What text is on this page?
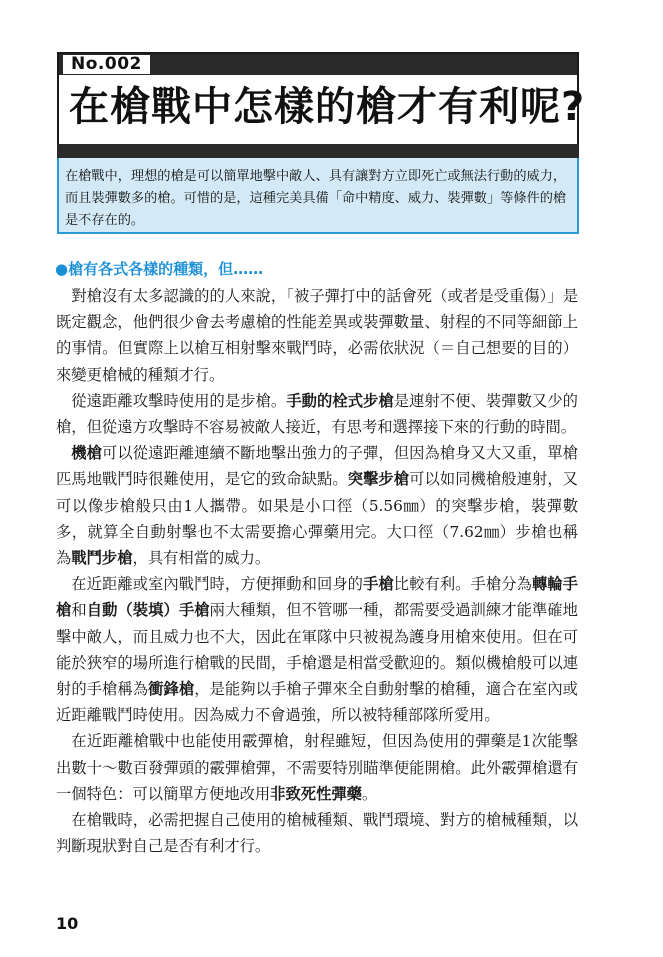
No.002
在槍戰中怎樣的槍才有利呢?
在槍戰中，理想的槍是可以簡單地擊中敵人、具有讓對方立即死亡或無法行動的威力，而且裝彈數多的槍。可惜的是，這種完美具備「命中精度、威力、裝彈數」等條件的槍是不存在的。
●槍有各式各樣的種類，但……

對槍沒有太多認識的的人來說，「被子彈打中的話會死（或者是受重傷）」是既定觀念，他們很少會去考慮槍的性能差異或裝彈數量、射程的不同等細節上的事情。但實際上以槍互相射擊來戰鬥時，必需依狀況（＝自己想要的目的）來變更槍械的種類才行。

從遠距離攻擊時使用的是步槍。手動的栓式步槍是連射不便、裝彈數又少的槍，但從遠方攻擊時不容易被敵人接近，有思考和選擇接下來的行動的時間。

機槍可以從遠距離連續不斷地擊出強力的子彈，但因為槍身又大又重，單槍匹馬地戰鬥時很難使用，是它的致命缺點。突擊步槍可以如同機槍般連射，又可以像步槍般只由1人攜帶。如果是小口徑（5.56㎜）的突擊步槍，裝彈數多，就算全自動射擊也不太需要擔心彈藥用完。大口徑（7.62㎜）步槍也稱為戰鬥步槍，具有相當的威力。

在近距離或室內戰鬥時，方便揮動和回身的手槍比較有利。手槍分為轉輪手槍和自動（裝填）手槍兩大種類，但不管哪一種，都需要受過訓練才能準確地擊中敵人，而且威力也不大，因此在軍隊中只被視為護身用槍來使用。但在可能於狹窄的場所進行槍戰的民間，手槍還是相當受歡迎的。類似機槍般可以連射的手槍稱為衝鋒槍，是能夠以手槍子彈來全自動射擊的槍種，適合在室內或近距離戰鬥時使用。因為威力不會過強，所以被特種部隊所愛用。

在近距離槍戰中也能使用霰彈槍，射程雖短，但因為使用的彈藥是1次能擊出數十～數百發彈頭的霰彈槍彈，不需要特別瞄準便能開槍。此外霰彈槍還有一個特色：可以簡單方便地改用非致死性彈藥。

在槍戰時，必需把握自己使用的槍械種類、戰鬥環境、對方的槍械種類，以判斷現狀對自己是否有利才行。

10
